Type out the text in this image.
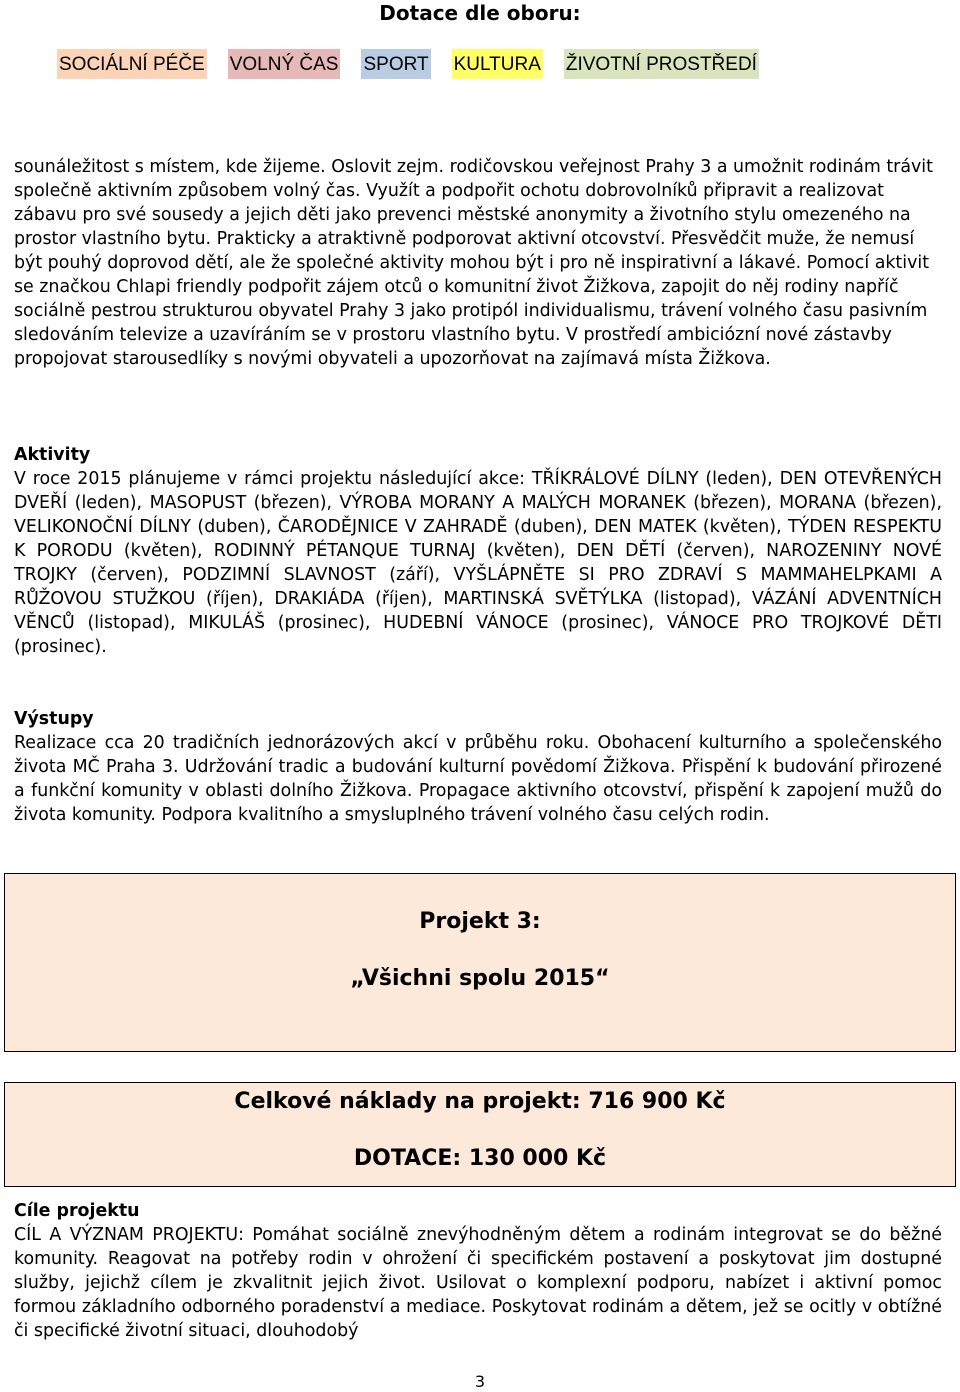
Dotace dle oboru:
SOCIÁLNÍ PÉČE VOLNÝ ČAS SPORT KULTURA ŽIVOTNÍ PROSTŘEDÍ
sounáležitost s místem, kde žijeme. Oslovit zejm. rodičovskou veřejnost Prahy 3 a umožnit rodinám trávit společně aktivním způsobem volný čas. Využít a podpořit ochotu dobrovolníků připravit a realizovat zábavu pro své sousedy a jejich děti jako prevenci městské anonymity a životního stylu omezeného na prostor vlastního bytu. Prakticky a atraktivně podporovat aktivní otcovství. Přesvědčit muže, že nemusí být pouhý doprovod dětí, ale že společné aktivity mohou být i pro ně inspirativní a lákavé. Pomocí aktivit se značkou Chlapi friendly podpořit zájem otců o komunitní život Žižkova, zapojit do něj rodiny napříč sociálně pestrou strukturou obyvatel Prahy 3 jako protipól individualismu, trávení volného času pasivním sledováním televize a uzavíráním se v prostoru vlastního bytu. V prostředí ambiciózní nové zástavby propojovat starousedlíky s novými obyvateli a upozorňovat na zajímavá místa Žižkova.
Aktivity
V roce 2015 plánujeme v rámci projektu následující akce: TŘÍKRÁLOVÉ DÍLNY (leden), DEN OTEVŘENÝCH DVEŘÍ (leden), MASOPUST (březen), VÝROBA MORANY A MALÝCH MORANEK (březen), MORANA (březen), VELIKONOČNÍ DÍLNY (duben), ČARODĚJNICE V ZAHRADĚ (duben), DEN MATEK (květen), TÝDEN RESPEKTU K PORODU (květen), RODINNÝ PÉTANQUE TURNAJ (květen), DEN DĚTÍ (červen), NAROZENINY NOVÉ TROJKY (červen), PODZIMNÍ SLAVNOST (září), VYŠLÁPNĚTE SI PRO ZDRAVÍ S MAMMAHELPKAMI A RŮŽOVOU STUŽKOU (říjen), DRAKIÁDA (říjen), MARTINSKÁ SVĚTÝLKA (listopad), VÁZÁNÍ ADVENTNÍCH VĚNCŮ (listopad), MIKULÁŠ (prosinec), HUDEBNÍ VÁNOCE (prosinec), VÁNOCE PRO TROJKOVÉ DĚTI (prosinec).
Výstupy
Realizace cca 20 tradičních jednorázových akcí v průběhu roku. Obohacení kulturního a společenského života MČ Praha 3. Udržování tradic a budování kulturní povědomí Žižkova. Přispění k budování přirozené a funkční komunity v oblasti dolního Žižkova. Propagace aktivního otcovství, přispění k zapojení mužů do života komunity. Podpora kvalitního a smysluplného trávení volného času celých rodin.
Projekt 3:
„Všichni spolu 2015“
Celkové náklady na projekt: 716 900 Kč
DOTACE: 130 000 Kč
Cíle projektu
CÍL A VÝZNAM PROJEKTU: Pomáhat sociálně znevýhodněným dětem a rodinám integrovat se do běžné komunity. Reagovat na potřeby rodin v ohrožení či specifickém postavení a poskytovat jim dostupné služby, jejichž cílem je zkvalitnit jejich život. Usilovat o komplexní podporu, nabízet i aktivní pomoc formou základního odborného poradenství a mediace. Poskytovat rodinám a dětem, jež se ocitly v obtížné či specifické životní situaci, dlouhodobý
3
